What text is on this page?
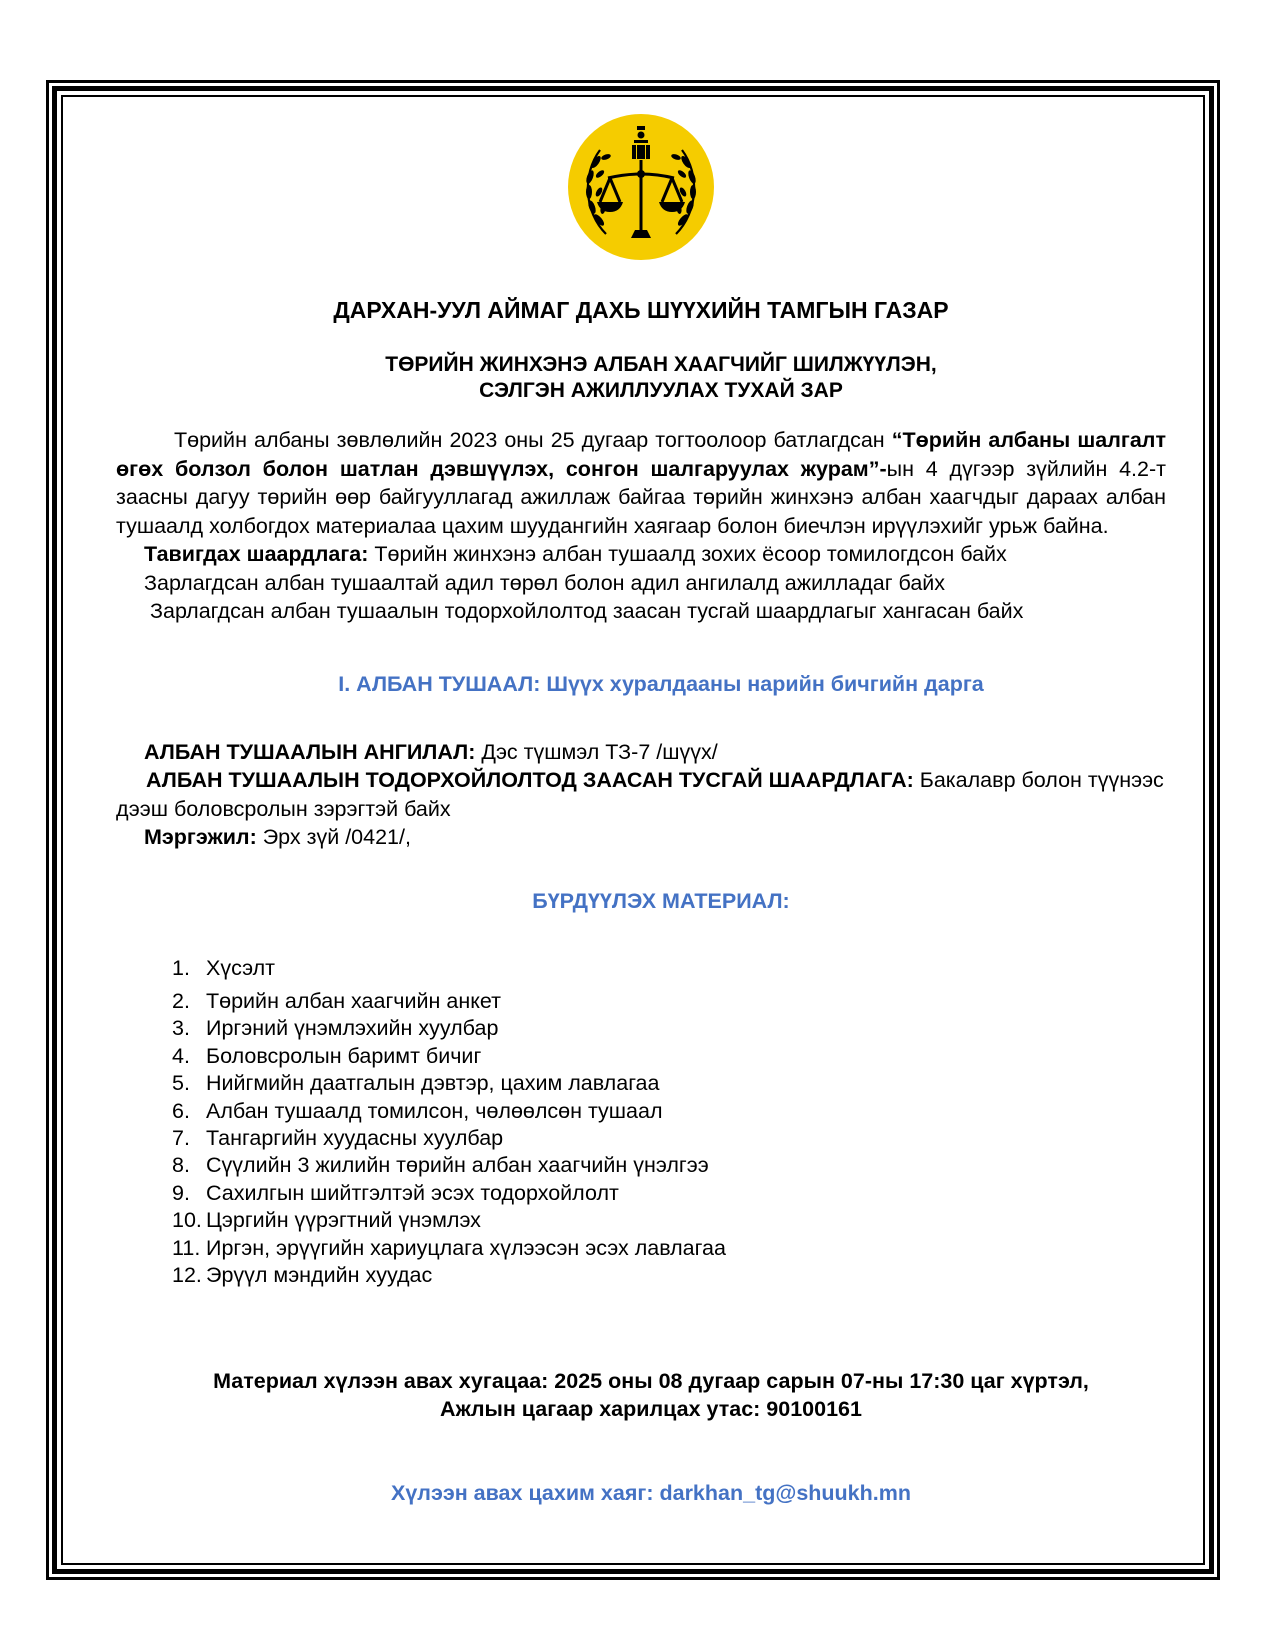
ДАРХАН-УУЛ АЙМАГ ДАХЬ ШҮҮХИЙН ТАМГЫН ГАЗАР
ТӨРИЙН ЖИНХЭНЭ АЛБАН ХААГЧИЙГ ШИЛЖҮҮЛЭН,
СЭЛГЭН АЖИЛЛУУЛАХ ТУХАЙ ЗАР
Төрийн албаны зөвлөлийн 2023 оны 25 дугаар тогтоолоор батлагдсан “Төрийн албаны шалгалт өгөх болзол болон шатлан дэвшүүлэх, сонгон шалгаруулах журам”-ын 4 дүгээр зүйлийн 4.2-т заасны дагуу төрийн өөр байгууллагад ажиллаж байгаа төрийн жинхэнэ албан хаагчдыг дараах албан тушаалд холбогдох материалаа цахим шуудангийн хаягаар болон биечлэн ирүүлэхийг урьж байна.
Тавигдах шаардлага: Төрийн жинхэнэ албан тушаалд зохих ёсоор томилогдсон байх
Зарлагдсан албан тушаалтай адил төрөл болон адил ангилалд ажилладаг байх
Зарлагдсан албан тушаалын тодорхойлолтод заасан тусгай шаардлагыг хангасан байх
I. АЛБАН ТУШААЛ: Шүүх хуралдааны нарийн бичгийн дарга
АЛБАН ТУШААЛЫН АНГИЛАЛ: Дэс түшмэл ТЗ-7 /шүүх/
АЛБАН ТУШААЛЫН ТОДОРХОЙЛОЛТОД ЗААСАН ТУСГАЙ ШААРДЛАГА: Бакалавр болон түүнээс дээш боловсролын зэрэгтэй байх
Мэргэжил: Эрх зүй /0421/,
БҮРДҮҮЛЭХ МАТЕРИАЛ:
1. Хүсэлт
2. Төрийн албан хаагчийн анкет
3. Иргэний үнэмлэхийн хуулбар
4. Боловсролын баримт бичиг
5. Нийгмийн даатгалын дэвтэр, цахим лавлагаа
6. Албан тушаалд томилсон, чөлөөлсөн тушаал
7. Тангаргийн хуудасны хуулбар
8. Сүүлийн 3 жилийн төрийн албан хаагчийн үнэлгээ
9. Сахилгын шийтгэлтэй эсэх тодорхойлолт
10. Цэргийн үүрэгтний үнэмлэх
11. Иргэн, эрүүгийн хариуцлага хүлээсэн эсэх лавлагаа
12. Эрүүл мэндийн хуудас
Материал хүлээн авах хугацаа: 2025 оны 08 дугаар сарын 07-ны 17:30 цаг хүртэл,
Ажлын цагаар харилцах утас: 90100161
Хүлээн авах цахим хаяг: darkhan_tg@shuukh.mn
